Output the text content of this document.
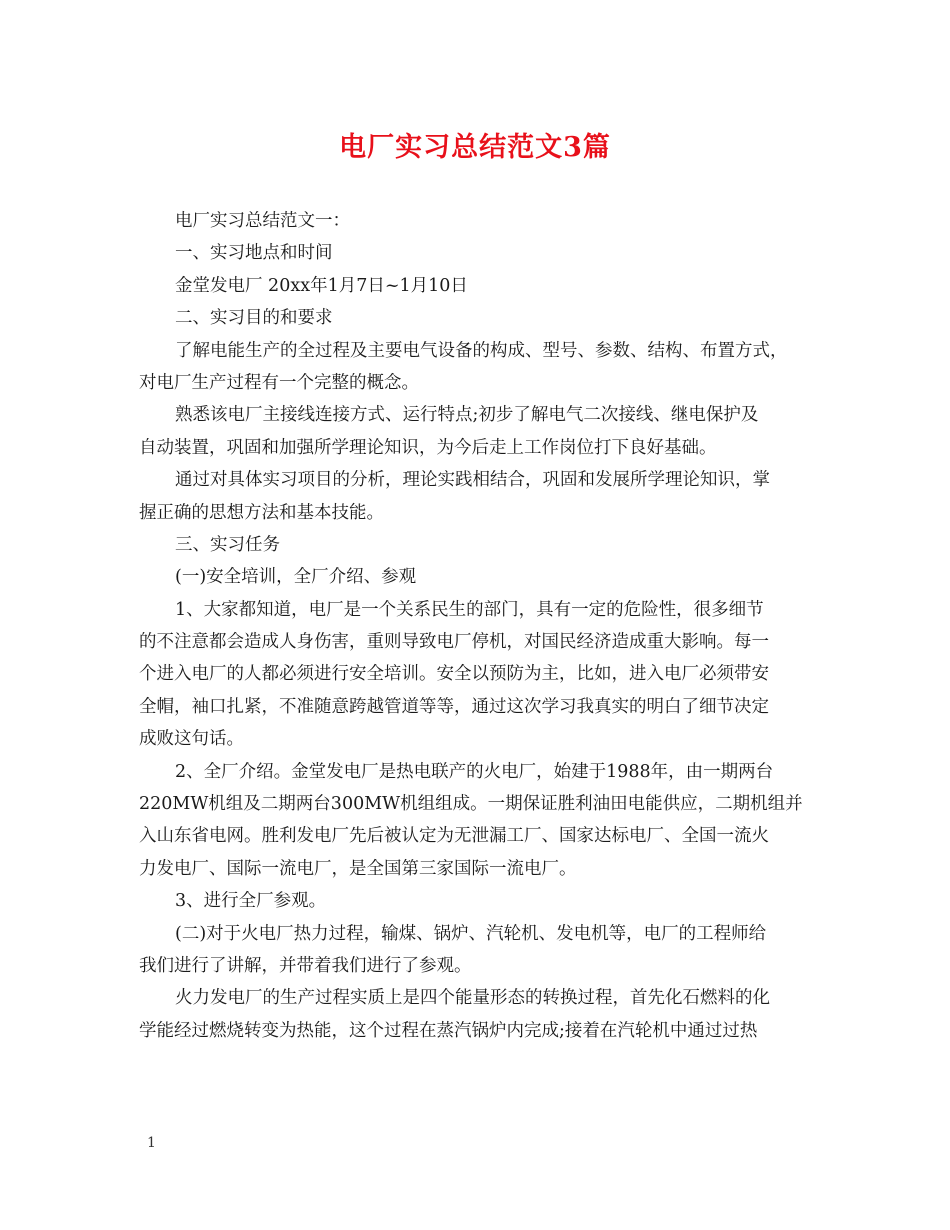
电厂实习总结范文3篇
电厂实习总结范文一：
一、实习地点和时间
金堂发电厂 20xx年1月7日~1月10日
二、实习目的和要求
了解电能生产的全过程及主要电气设备的构成、型号、参数、结构、布置方式，
对电厂生产过程有一个完整的概念。
熟悉该电厂主接线连接方式、运行特点;初步了解电气二次接线、继电保护及
自动装置，巩固和加强所学理论知识，为今后走上工作岗位打下良好基础。
通过对具体实习项目的分析，理论实践相结合，巩固和发展所学理论知识，掌
握正确的思想方法和基本技能。
三、实习任务
(一)安全培训，全厂介绍、参观
1、大家都知道，电厂是一个关系民生的部门，具有一定的危险性，很多细节
的不注意都会造成人身伤害，重则导致电厂停机，对国民经济造成重大影响。每一
个进入电厂的人都必须进行安全培训。安全以预防为主，比如，进入电厂必须带安
全帽，袖口扎紧，不准随意跨越管道等等，通过这次学习我真实的明白了细节决定
成败这句话。
2、全厂介绍。金堂发电厂是热电联产的火电厂，始建于1988年，由一期两台
220MW机组及二期两台300MW机组组成。一期保证胜利油田电能供应，二期机组并
入山东省电网。胜利发电厂先后被认定为无泄漏工厂、国家达标电厂、全国一流火
力发电厂、国际一流电厂，是全国第三家国际一流电厂。
3、进行全厂参观。
(二)对于火电厂热力过程，输煤、锅炉、汽轮机、发电机等，电厂的工程师给
我们进行了讲解，并带着我们进行了参观。
火力发电厂的生产过程实质上是四个能量形态的转换过程，首先化石燃料的化
学能经过燃烧转变为热能，这个过程在蒸汽锅炉内完成;接着在汽轮机中通过过热
1
